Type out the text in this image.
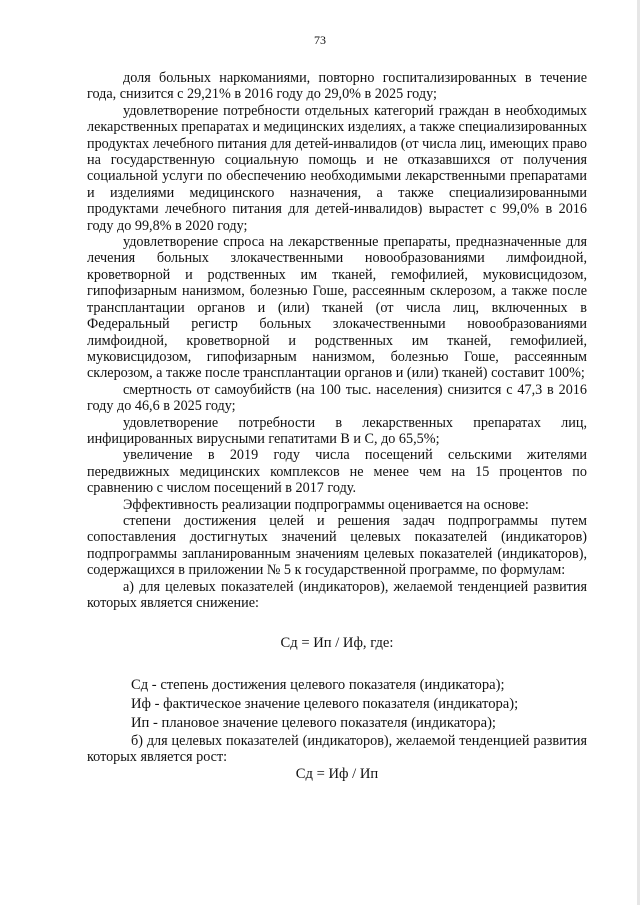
73

доля больных наркоманиями, повторно госпитализированных в течение года, снизится с 29,21% в 2016 году до 29,0% в 2025 году;

удовлетворение потребности отдельных категорий граждан в необходимых лекарственных препаратах и медицинских изделиях, а также специализированных продуктах лечебного питания для детей-инвалидов (от числа лиц, имеющих право на государственную социальную помощь и не отказавшихся от получения социальной услуги по обеспечению необходимыми лекарственными препаратами и изделиями медицинского назначения, а также специализированными продуктами лечебного питания для детей-инвалидов) вырастет с 99,0% в 2016 году до 99,8% в 2020 году;

удовлетворение спроса на лекарственные препараты, предназначенные для лечения больных злокачественными новообразованиями лимфоидной, кроветворной и родственных им тканей, гемофилией, муковисцидозом, гипофизарным нанизмом, болезнью Гоше, рассеянным склерозом, а также после трансплантации органов и (или) тканей (от числа лиц, включенных в Федеральный регистр больных злокачественными новообразованиями лимфоидной, кроветворной и родственных им тканей, гемофилией, муковисцидозом, гипофизарным нанизмом, болезнью Гоше, рассеянным склерозом, а также после трансплантации органов и (или) тканей) составит 100%;

смертность от самоубийств (на 100 тыс. населения) снизится с 47,3 в 2016 году до 46,6 в 2025 году;

удовлетворение потребности в лекарственных препаратах лиц, инфицированных вирусными гепатитами В и С, до 65,5%;

увеличение в 2019 году числа посещений сельскими жителями передвижных медицинских комплексов не менее чем на 15 процентов по сравнению с числом посещений в 2017 году.

Эффективность реализации подпрограммы оценивается на основе:

степени достижения целей и решения задач подпрограммы путем сопоставления достигнутых значений целевых показателей (индикаторов) подпрограммы запланированным значениям целевых показателей (индикаторов), содержащихся в приложении № 5 к государственной программе, по формулам:

а) для целевых показателей (индикаторов), желаемой тенденцией развития которых является снижение:

Сд = Ип / Иф, где:

Сд - степень достижения целевого показателя (индикатора);

Иф - фактическое значение целевого показателя (индикатора);

Ип - плановое значение целевого показателя (индикатора);

б) для целевых показателей (индикаторов), желаемой тенденцией развития которых является рост:

Сд = Иф / Ип
